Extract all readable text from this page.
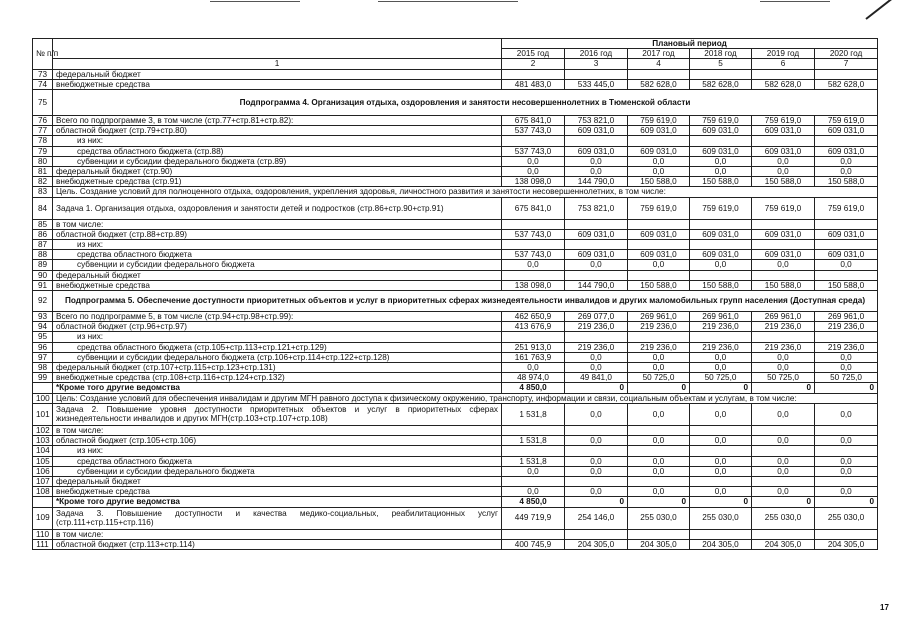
№ п/п		Плановый период					
		2015 год	2016 год	2017 год	2018 год	2019 год	2020 год
	1	2	3	4	5	6	7
73	федеральный бюджет						
74	внебюджетные средства	481 483,0	533 445,0	582 628,0	582 628,0	582 628,0	582 628,0
75	Подпрограмма 4. Организация отдыха, оздоровления и занятости несовершеннолетних в Тюменской области						
76	Всего по подпрограмме 3, в том числе (стр.77+стр.81+стр.82):	675 841,0	753 821,0	759 619,0	759 619,0	759 619,0	759 619,0
77	областной бюджет (стр.79+стр.80)	537 743,0	609 031,0	609 031,0	609 031,0	609 031,0	609 031,0
78	из них:						
79	средства областного бюджета (стр.88)	537 743,0	609 031,0	609 031,0	609 031,0	609 031,0	609 031,0
80	субвенции и субсидии федерального бюджета (стр.89)	0,0	0,0	0,0	0,0	0,0	0,0
81	федеральный бюджет (стр.90)	0,0	0,0	0,0	0,0	0,0	0,0
82	внебюджетные средства (стр.91)	138 098,0	144 790,0	150 588,0	150 588,0	150 588,0	150 588,0
83	Цель. Создание условий для полноценного отдыха, оздоровления, укрепления здоровья, личностного развития и занятости несовершеннолетних, в том числе:						
84	Задача 1. Организация отдыха, оздоровления и занятости детей и подростков (стр.86+стр.90+стр.91)	675 841,0	753 821,0	759 619,0	759 619,0	759 619,0	759 619,0
85	в том числе:						
86	областной бюджет (стр.88+стр.89)	537 743,0	609 031,0	609 031,0	609 031,0	609 031,0	609 031,0
87	из них:						
88	средства областного бюджета	537 743,0	609 031,0	609 031,0	609 031,0	609 031,0	609 031,0
89	субвенции и субсидии федерального бюджета	0,0	0,0	0,0	0,0	0,0	0,0
90	федеральный бюджет						
91	внебюджетные средства	138 098,0	144 790,0	150 588,0	150 588,0	150 588,0	150 588,0
92	Подпрограмма 5. Обеспечение доступности приоритетных объектов и услуг в приоритетных сферах жизнедеятельности инвалидов и других маломобильных групп населения (Доступная среда)						
93	Всего по подпрограмме 5, в том числе (стр.94+стр.98+стр.99):	462 650,9	269 077,0	269 961,0	269 961,0	269 961,0	269 961,0
94	областной бюджет (стр.96+стр.97)	413 676,9	219 236,0	219 236,0	219 236,0	219 236,0	219 236,0
95	из них:						
96	средства областного бюджета (стр.105+стр.113+стр.121+стр.129)	251 913,0	219 236,0	219 236,0	219 236,0	219 236,0	219 236,0
97	субвенции и субсидии федерального бюджета (стр.106+стр.114+стр.122+стр.128)	161 763,9	0,0	0,0	0,0	0,0	0,0
98	федеральный бюджет (стр.107+стр.115+стр.123+стр.131)	0,0	0,0	0,0	0,0	0,0	0,0
99	внебюджетные средства (стр.108+стр.116+стр.124+стр.132)	48 974,0	49 841,0	50 725,0	50 725,0	50 725,0	50 725,0
	*Кроме того другие ведомства	4 850,0	0	0	0	0	0
100	Цель: Создание условий для обеспечения инвалидам и другим МГН равного доступа к физическому окружению, транспорту, информации и связи, социальным объектам и услугам, в том числе:						
101	Задача 2. Повышение уровня доступности приоритетных объектов и услуг в приоритетных сферах жизнедеятельности инвалидов и других МГН(стр.103+стр.107+стр.108)	1 531,8	0,0	0,0	0,0	0,0	0,0
102	в том числе:						
103	областной бюджет (стр.105+стр.106)	1 531,8	0,0	0,0	0,0	0,0	0,0
104	из них:						
105	средства областного бюджета	1 531,8	0,0	0,0	0,0	0,0	0,0
106	субвенции и субсидии федерального бюджета	0,0	0,0	0,0	0,0	0,0	0,0
107	федеральный бюджет						
108	внебюджетные средства	0,0	0,0	0,0	0,0	0,0	0,0
	*Кроме того другие ведомства	4 850,0	0	0	0	0	0
109	Задача 3. Повышение доступности и качества медико-социальных, реабилитационных услуг (стр.111+стр.115+стр.116)	449 719,9	254 146,0	255 030,0	255 030,0	255 030,0	255 030,0
110	в том числе:						
111	областной бюджет (стр.113+стр.114)	400 745,9	204 305,0	204 305,0	204 305,0	204 305,0	204 305,0
17
